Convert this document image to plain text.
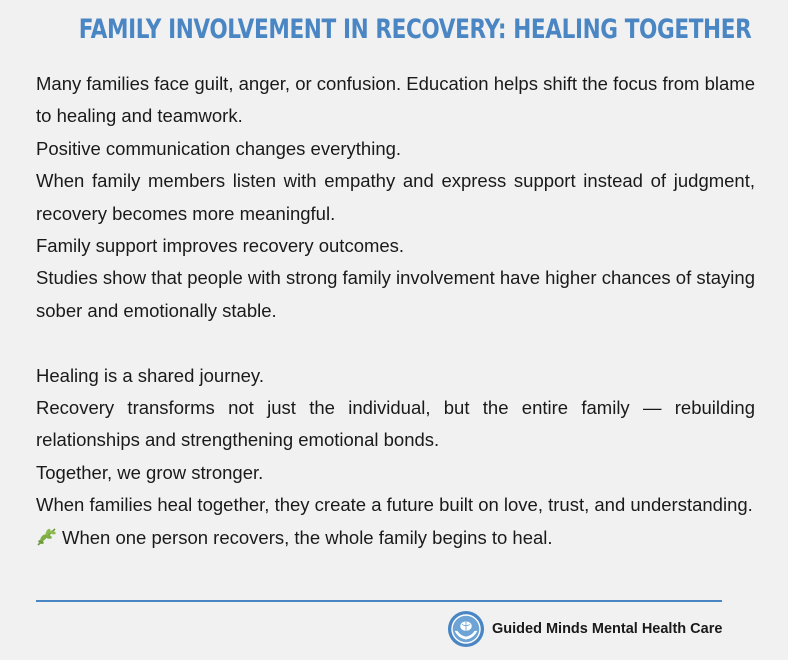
FAMILY INVOLVEMENT IN RECOVERY: HEALING TOGETHER

Many families face guilt, anger, or confusion. Education helps shift the focus from blame to healing and teamwork.

Positive communication changes everything.

When family members listen with empathy and express support instead of judgment, recovery becomes more meaningful.

Family support improves recovery outcomes.

Studies show that people with strong family involvement have higher chances of staying sober and emotionally stable.

Healing is a shared journey.

Recovery transforms not just the individual, but the entire family — rebuilding relationships and strengthening emotional bonds.

Together, we grow stronger.

When families heal together, they create a future built on love, trust, and understanding.

When one person recovers, the whole family begins to heal.

Guided Minds Mental Health Care
